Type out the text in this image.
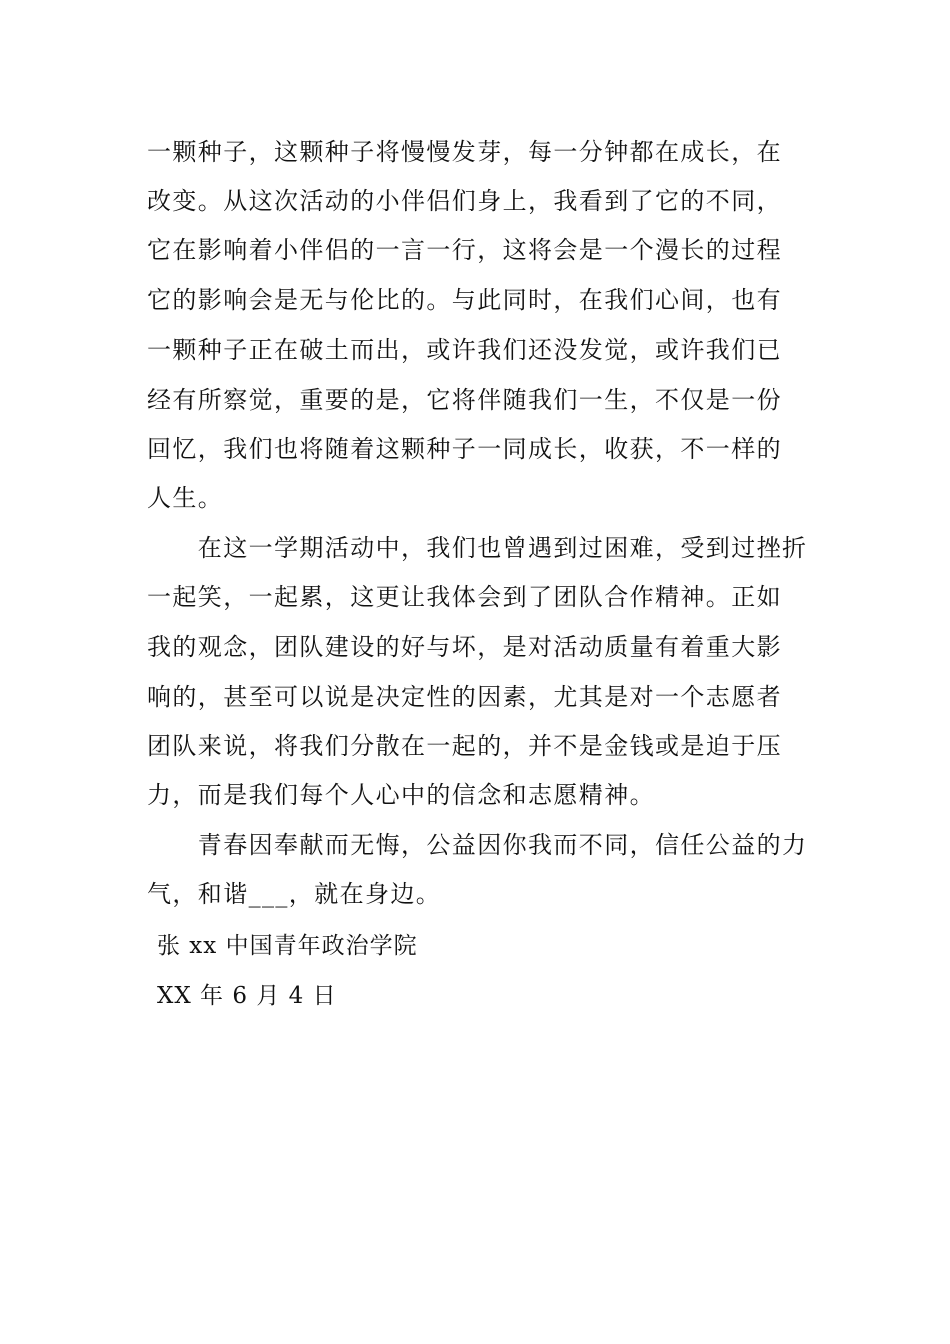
一颗种子，这颗种子将慢慢发芽，每一分钟都在成长，在
改变。从这次活动的小伴侣们身上，我看到了它的不同，
它在影响着小伴侣的一言一行，这将会是一个漫长的过程
它的影响会是无与伦比的。与此同时，在我们心间，也有
一颗种子正在破土而出，或许我们还没发觉，或许我们已
经有所察觉，重要的是，它将伴随我们一生，不仅是一份
回忆，我们也将随着这颗种子一同成长，收获，不一样的
人生。
　　在这一学期活动中，我们也曾遇到过困难，受到过挫折
一起笑，一起累，这更让我体会到了团队合作精神。正如
我的观念，团队建设的好与坏，是对活动质量有着重大影
响的，甚至可以说是决定性的因素，尤其是对一个志愿者
团队来说，将我们分散在一起的，并不是金钱或是迫于压
力，而是我们每个人心中的信念和志愿精神。
　　青春因奉献而无悔，公益因你我而不同，信任公益的力
气，和谐___，就在身边。
张 xx 中国青年政治学院
XX 年 6 月 4 日
